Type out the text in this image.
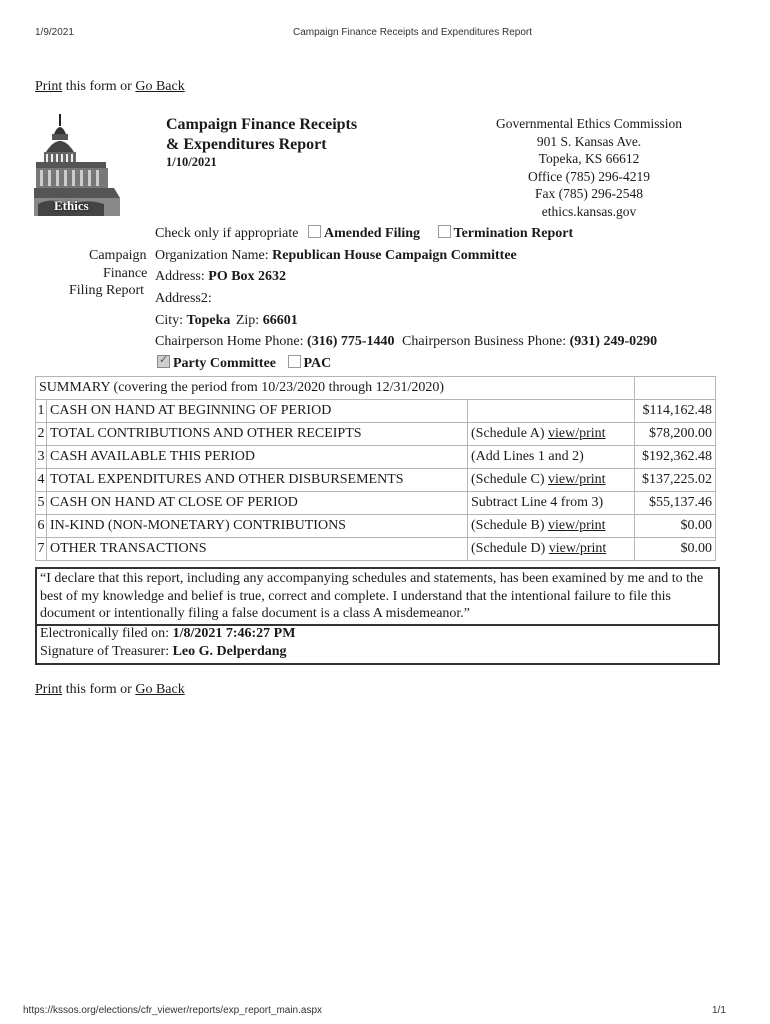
1/9/2021	Campaign Finance Receipts and Expenditures Report
Print this form or Go Back
Ethics
Campaign Finance Receipts
& Expenditures Report
1/10/2021
Governmental Ethics Commission
901 S. Kansas Ave.
Topeka, KS 66612
Office (785) 296-4219
Fax (785) 296-2548
ethics.kansas.gov
Check only if appropriate Amended Filing Termination Report
Campaign
Finance
Filing Report
Organization Name: Republican House Campaign Committee
Address: PO Box 2632
Address2:
City: Topeka Zip: 66601
Chairperson Home Phone: (316) 775-1440 Chairperson Business Phone: (931) 249-0290
✓Party Committee PAC
SUMMARY (covering the period from 10/23/2020 through 12/31/2020)			
1	CASH ON HAND AT BEGINNING OF PERIOD		$114,162.48
2	TOTAL CONTRIBUTIONS AND OTHER RECEIPTS	(Schedule A) view/print	$78,200.00
3	CASH AVAILABLE THIS PERIOD	(Add Lines 1 and 2)	$192,362.48
4	TOTAL EXPENDITURES AND OTHER DISBURSEMENTS	(Schedule C) view/print	$137,225.02
5	CASH ON HAND AT CLOSE OF PERIOD	Subtract Line 4 from 3)	$55,137.46
6	IN-KIND (NON-MONETARY) CONTRIBUTIONS	(Schedule B) view/print	$0.00
7	OTHER TRANSACTIONS	(Schedule D) view/print	$0.00
“I declare that this report, including any accompanying schedules and statements, has been examined by me and to the best of my knowledge and belief is true, correct and complete. I understand that the intentional failure to file this document or intentionally filing a false document is a class A misdemeanor.”
Electronically filed on: 1/8/2021 7:46:27 PM
Signature of Treasurer: Leo G. Delperdang
Print this form or Go Back
https://kssos.org/elections/cfr_viewer/reports/exp_report_main.aspx	1/1
